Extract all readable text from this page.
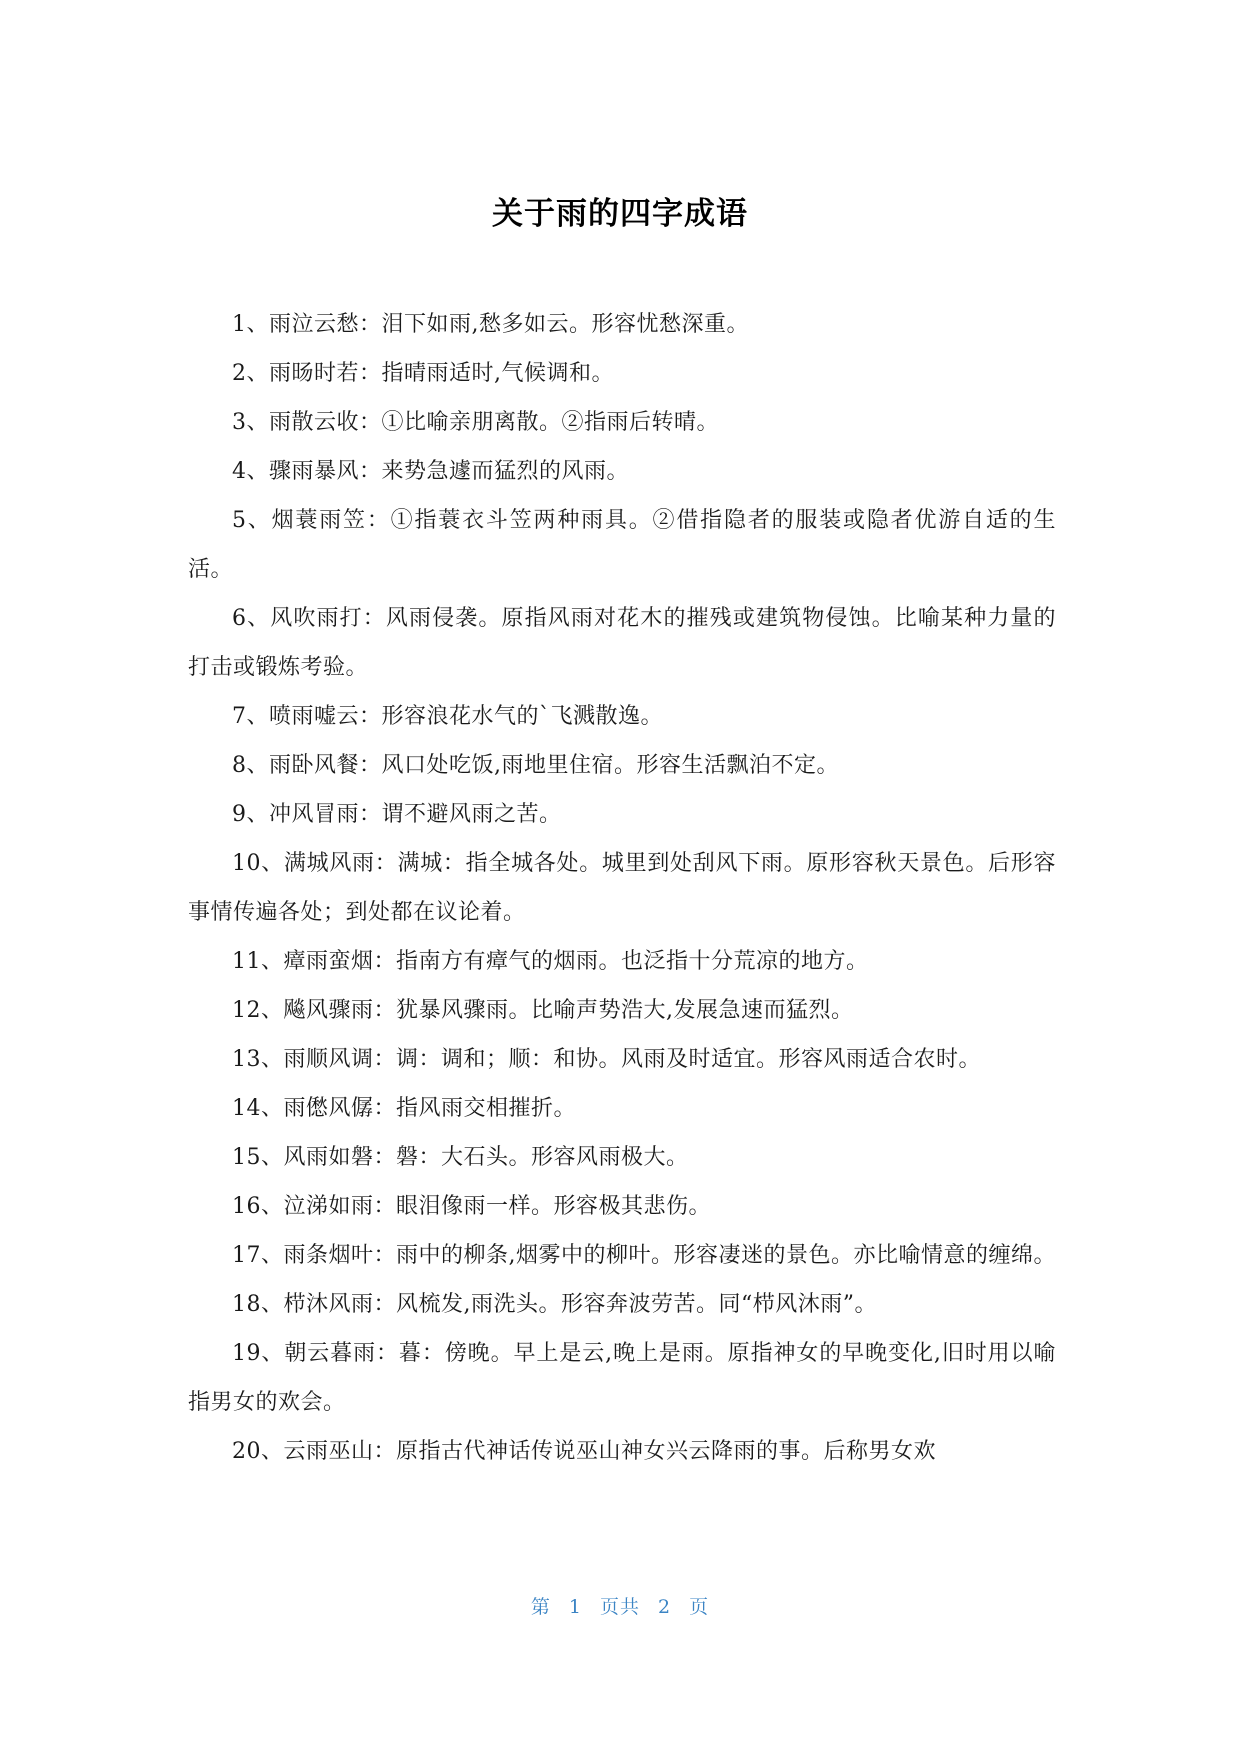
关于雨的四字成语

1、雨泣云愁：泪下如雨,愁多如云。形容忧愁深重。

2、雨旸时若：指晴雨适时,气候调和。

3、雨散云收：①比喻亲朋离散。②指雨后转晴。

4、骤雨暴风：来势急遽而猛烈的风雨。

5、烟蓑雨笠：①指蓑衣斗笠两种雨具。②借指隐者的服装或隐者优游自适的生活。

6、风吹雨打：风雨侵袭。原指风雨对花木的摧残或建筑物侵蚀。比喻某种力量的打击或锻炼考验。

7、喷雨嘘云：形容浪花水气的`飞溅散逸。

8、雨卧风餐：风口处吃饭,雨地里住宿。形容生活飘泊不定。

9、冲风冒雨：谓不避风雨之苦。

10、满城风雨：满城：指全城各处。城里到处刮风下雨。原形容秋天景色。后形容事情传遍各处；到处都在议论着。

11、瘴雨蛮烟：指南方有瘴气的烟雨。也泛指十分荒凉的地方。

12、飚风骤雨：犹暴风骤雨。比喻声势浩大,发展急速而猛烈。

13、雨顺风调：调：调和；顺：和协。风雨及时适宜。形容风雨适合农时。

14、雨僽风僝：指风雨交相摧折。

15、风雨如磐：磐：大石头。形容风雨极大。

16、泣涕如雨：眼泪像雨一样。形容极其悲伤。

17、雨条烟叶：雨中的柳条,烟雾中的柳叶。形容凄迷的景色。亦比喻情意的缠绵。

18、栉沐风雨：风梳发,雨洗头。形容奔波劳苦。同“栉风沐雨”。

19、朝云暮雨：暮：傍晚。早上是云,晚上是雨。原指神女的早晚变化,旧时用以喻指男女的欢会。

20、云雨巫山：原指古代神话传说巫山神女兴云降雨的事。后称男女欢

第 1 页共 2 页
